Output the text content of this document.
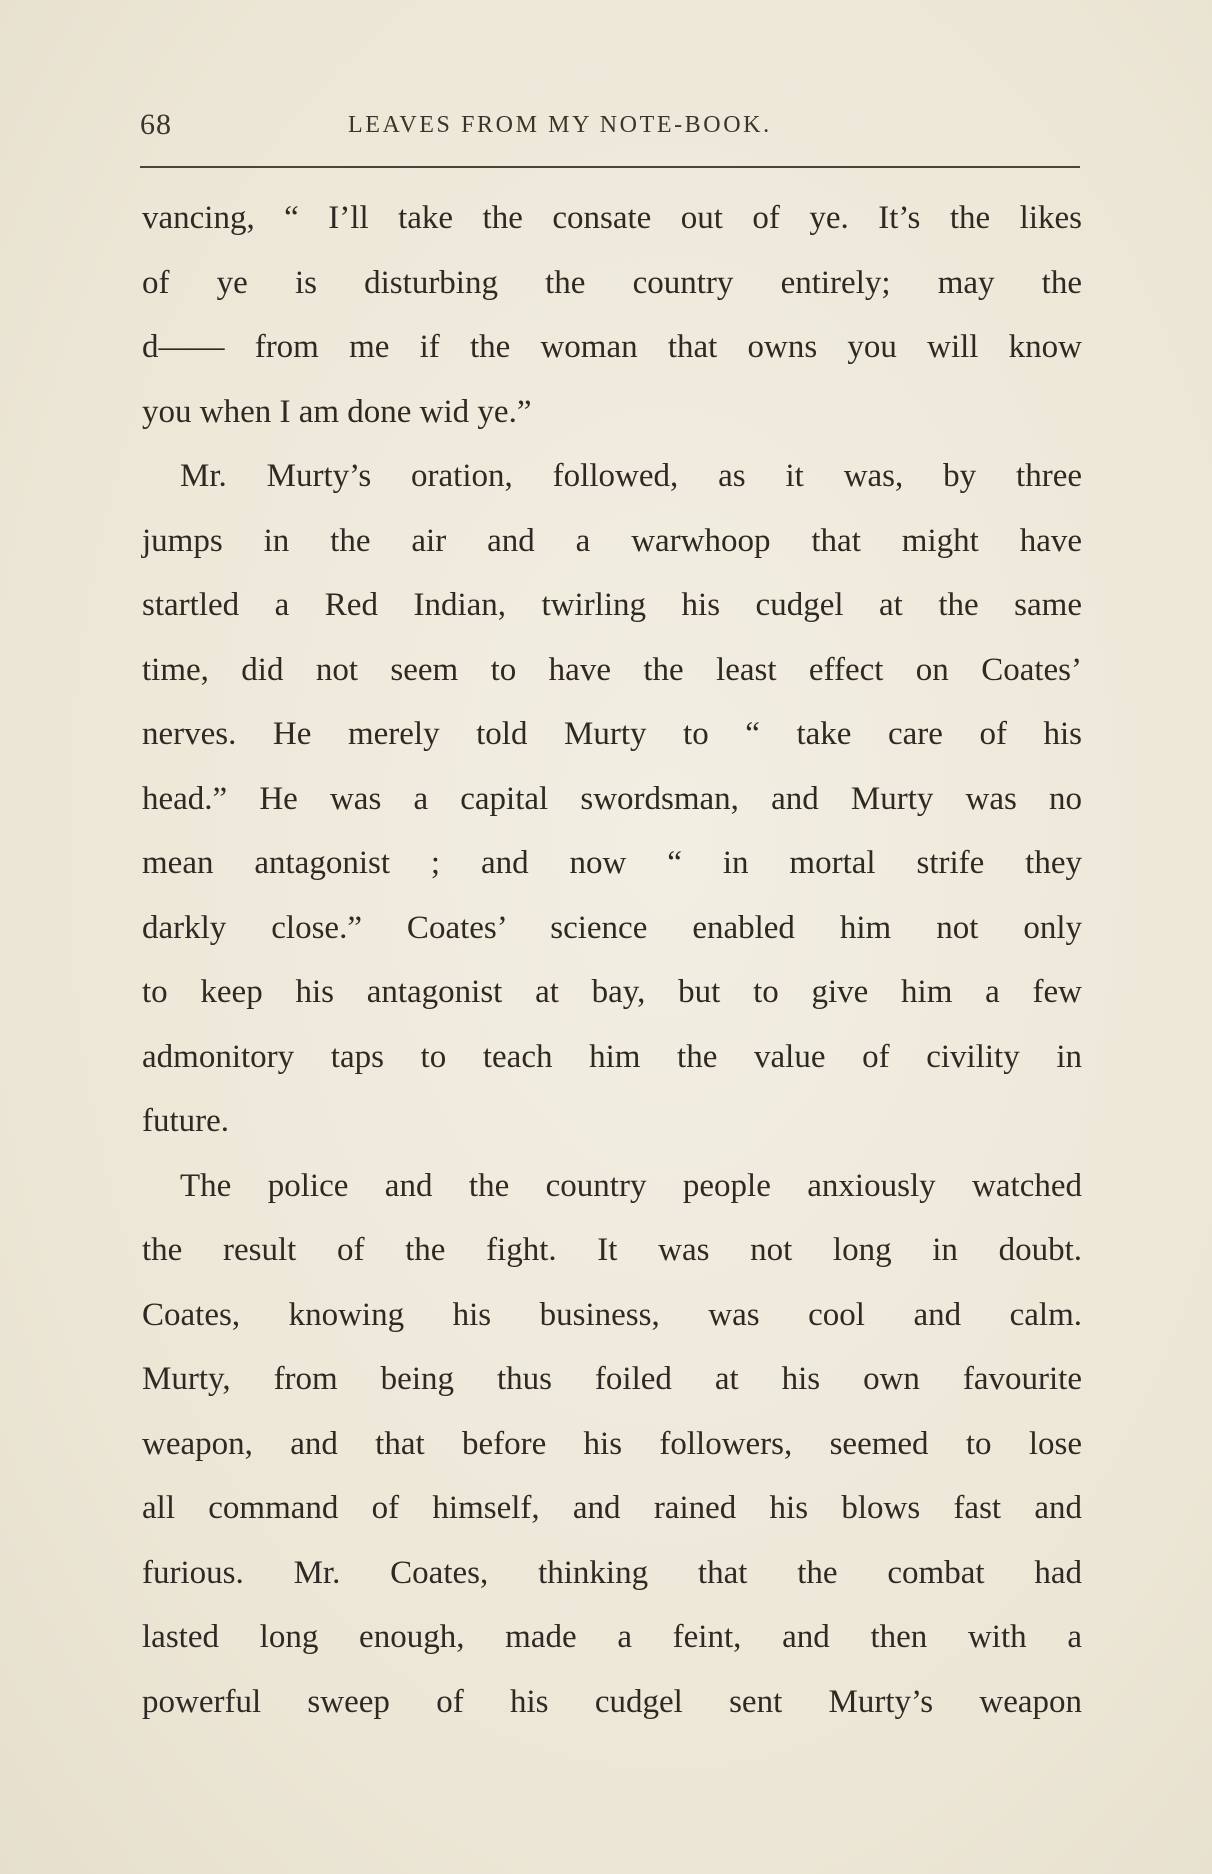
68	LEAVES FROM MY NOTE-BOOK.
vancing, “ I’ll take the consate out of ye. It’s the likes
of ye is disturbing the country entirely; may the
d—— from me if the woman that owns you will know
you when I am done wid ye.”
Mr. Murty’s oration, followed, as it was, by three
jumps in the air and a warwhoop that might have
startled a Red Indian, twirling his cudgel at the same
time, did not seem to have the least effect on Coates’
nerves. He merely told Murty to “ take care of his
head.” He was a capital swordsman, and Murty was no
mean antagonist ; and now “ in mortal strife they
darkly close.” Coates’ science enabled him not only
to keep his antagonist at bay, but to give him a few
admonitory taps to teach him the value of civility in
future.
The police and the country people anxiously watched
the result of the fight. It was not long in doubt.
Coates, knowing his business, was cool and calm.
Murty, from being thus foiled at his own favourite
weapon, and that before his followers, seemed to lose
all command of himself, and rained his blows fast and
furious. Mr. Coates, thinking that the combat had
lasted long enough, made a feint, and then with a
powerful sweep of his cudgel sent Murty’s weapon
